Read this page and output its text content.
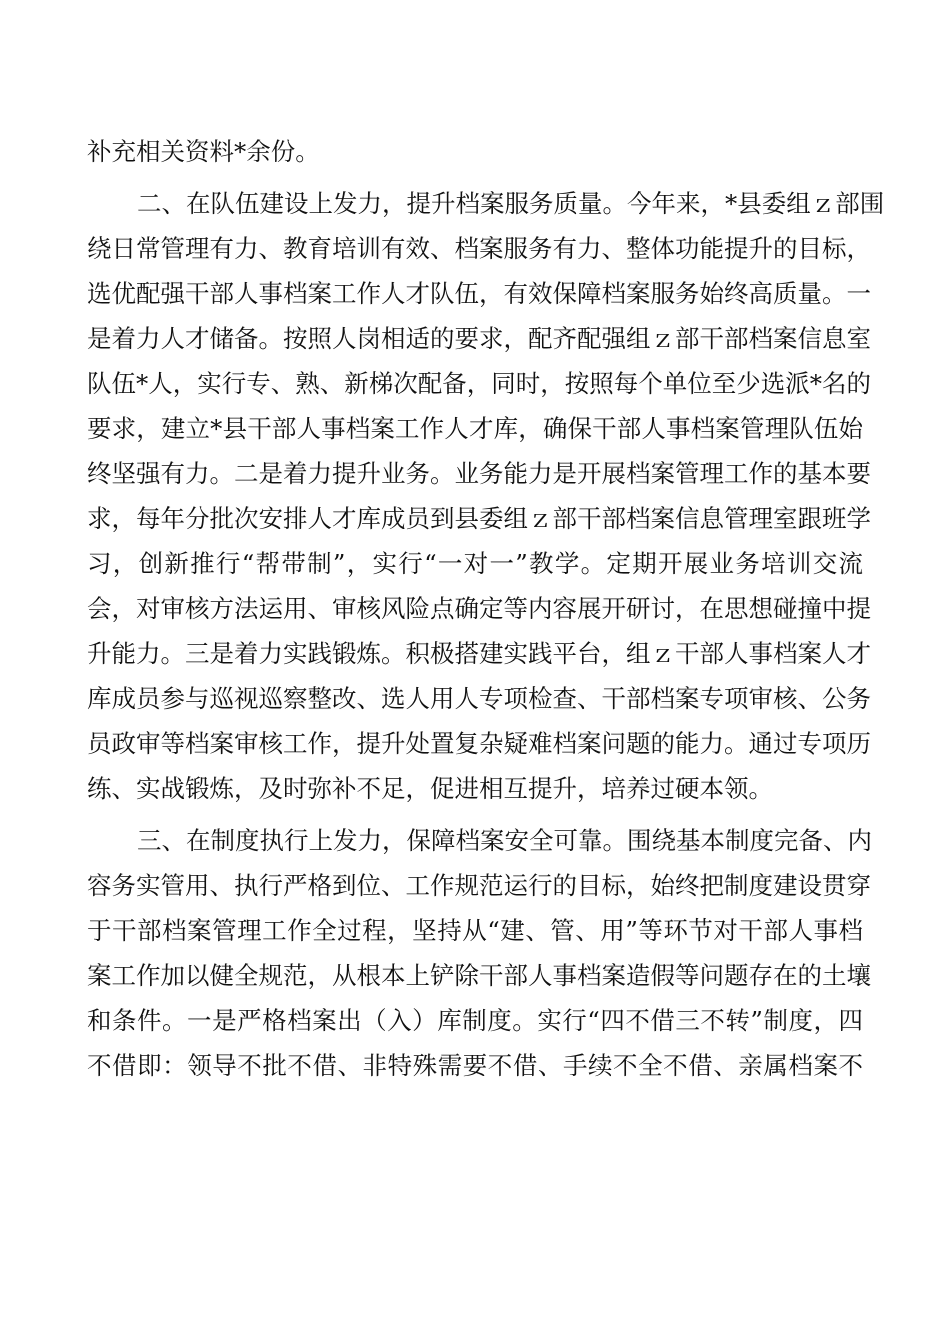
补充相关资料*余份。
二、在队伍建设上发力，提升档案服务质量。今年来，*县委组ｚ部围
绕日常管理有力、教育培训有效、档案服务有力、整体功能提升的目标，
选优配强干部人事档案工作人才队伍，有效保障档案服务始终高质量。一
是着力人才储备。按照人岗相适的要求，配齐配强组ｚ部干部档案信息室
队伍*人，实行专、熟、新梯次配备，同时，按照每个单位至少选派*名的
要求，建立*县干部人事档案工作人才库，确保干部人事档案管理队伍始
终坚强有力。二是着力提升业务。业务能力是开展档案管理工作的基本要
求，每年分批次安排人才库成员到县委组ｚ部干部档案信息管理室跟班学
习，创新推行“帮带制”，实行“一对一”教学。定期开展业务培训交流
会，对审核方法运用、审核风险点确定等内容展开研讨，在思想碰撞中提
升能力。三是着力实践锻炼。积极搭建实践平台，组ｚ干部人事档案人才
库成员参与巡视巡察整改、选人用人专项检查、干部档案专项审核、公务
员政审等档案审核工作，提升处置复杂疑难档案问题的能力。通过专项历
练、实战锻炼，及时弥补不足，促进相互提升，培养过硬本领。
三、在制度执行上发力，保障档案安全可靠。围绕基本制度完备、内
容务实管用、执行严格到位、工作规范运行的目标，始终把制度建设贯穿
于干部档案管理工作全过程，坚持从“建、管、用”等环节对干部人事档
案工作加以健全规范，从根本上铲除干部人事档案造假等问题存在的土壤
和条件。一是严格档案出（入）库制度。实行“四不借三不转”制度，四
不借即：领导不批不借、非特殊需要不借、手续不全不借、亲属档案不
